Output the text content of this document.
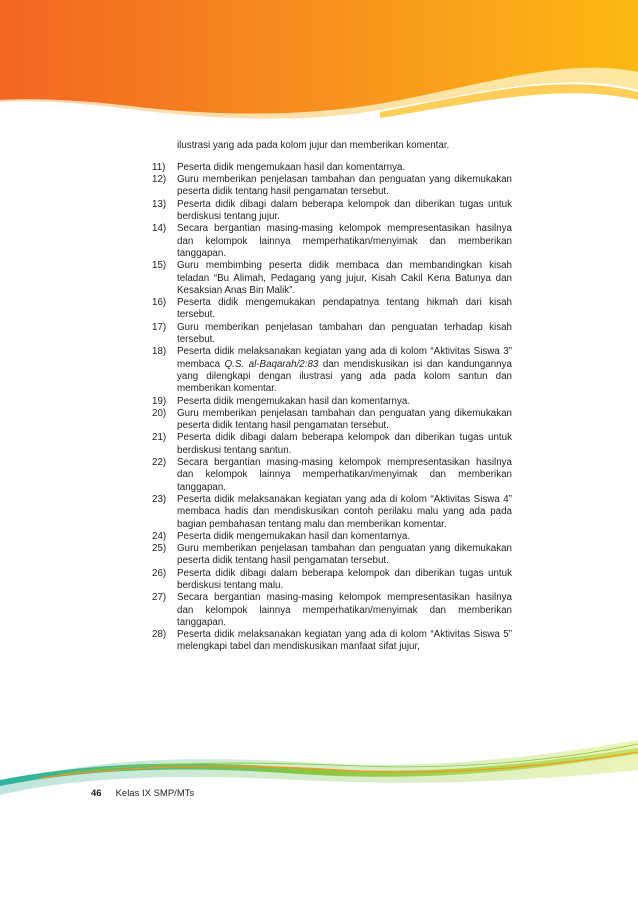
ilustrasi yang ada pada kolom jujur dan memberikan komentar.

11)	Peserta didik mengemukaan hasil dan komentarnya.
12)	Guru memberikan penjelasan tambahan dan penguatan yang dikemukakan peserta didik tentang hasil pengamatan tersebut.
13)	Peserta didik dibagi dalam beberapa kelompok dan diberikan tugas untuk berdiskusi tentang jujur.
14)	Secara bergantian masing-masing kelompok mempresentasikan hasilnya dan kelompok lainnya memperhatikan/menyimak dan memberikan tanggapan.
15)	Guru membimbing peserta didik membaca dan membandingkan kisah teladan “Bu Alimah, Pedagang yang jujur, Kisah Cakil Kena Batunya dan Kesaksian Anas Bin Malik”.
16)	Peserta didik mengemukakan pendapatnya tentang hikmah dari kisah tersebut.
17)	Guru memberikan penjelasan tambahan dan penguatan terhadap kisah tersebut.
18)	Peserta didik melaksanakan kegiatan yang ada di kolom “Aktivitas Siswa 3” membaca Q.S. al-Baqarah/2:83 dan mendiskusikan isi dan kandungannya yang dilengkapi dengan ilustrasi yang ada pada kolom santun dan memberikan komentar.
19)	Peserta didik mengemukakan hasil dan komentarnya.
20)	Guru memberikan penjelasan tambahan dan penguatan yang dikemukakan peserta didik tentang hasil pengamatan tersebut.
21)	Peserta didik dibagi dalam beberapa kelompok dan diberikan tugas untuk berdiskusi tentang santun.
22)	Secara bergantian masing-masing kelompok mempresentasikan hasilnya dan kelompok lainnya memperhatikan/menyimak dan memberikan tanggapan.
23)	Peserta didik melaksanakan kegiatan yang ada di kolom “Aktivitas Siswa 4” membaca hadis dan mendiskusikan contoh perilaku malu yang ada pada bagian pembahasan tentang malu dan memberikan komentar.
24)	Peserta didik mengemukakan hasil dan komentarnya.
25)	Guru memberikan penjelasan tambahan dan penguatan yang dikemukakan peserta didik tentang hasil pengamatan tersebut.
26)	Peserta didik dibagi dalam beberapa kelompok dan diberikan tugas untuk berdiskusi tentang malu.
27)	Secara bergantian masing-masing kelompok mempresentasikan hasilnya dan kelompok lainnya memperhatikan/menyimak dan memberikan tanggapan.
28)	Peserta didik melaksanakan kegiatan yang ada di kolom “Aktivitas Siswa 5” melengkapi tabel dan mendiskusikan manfaat sifat jujur,
46 Kelas IX SMP/MTs
